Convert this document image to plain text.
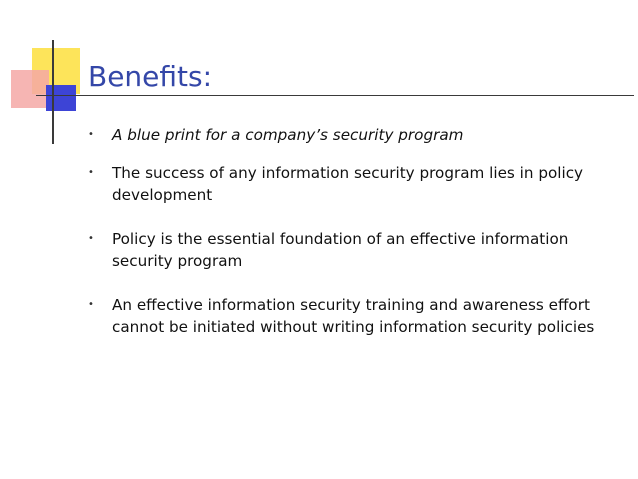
Benefits:
• A blue print for a company’s security program
• The success of any information security program lies in policy development
• Policy is the essential foundation of an effective information security program
• An effective information security training and awareness effort cannot be initiated without writing information security policies
